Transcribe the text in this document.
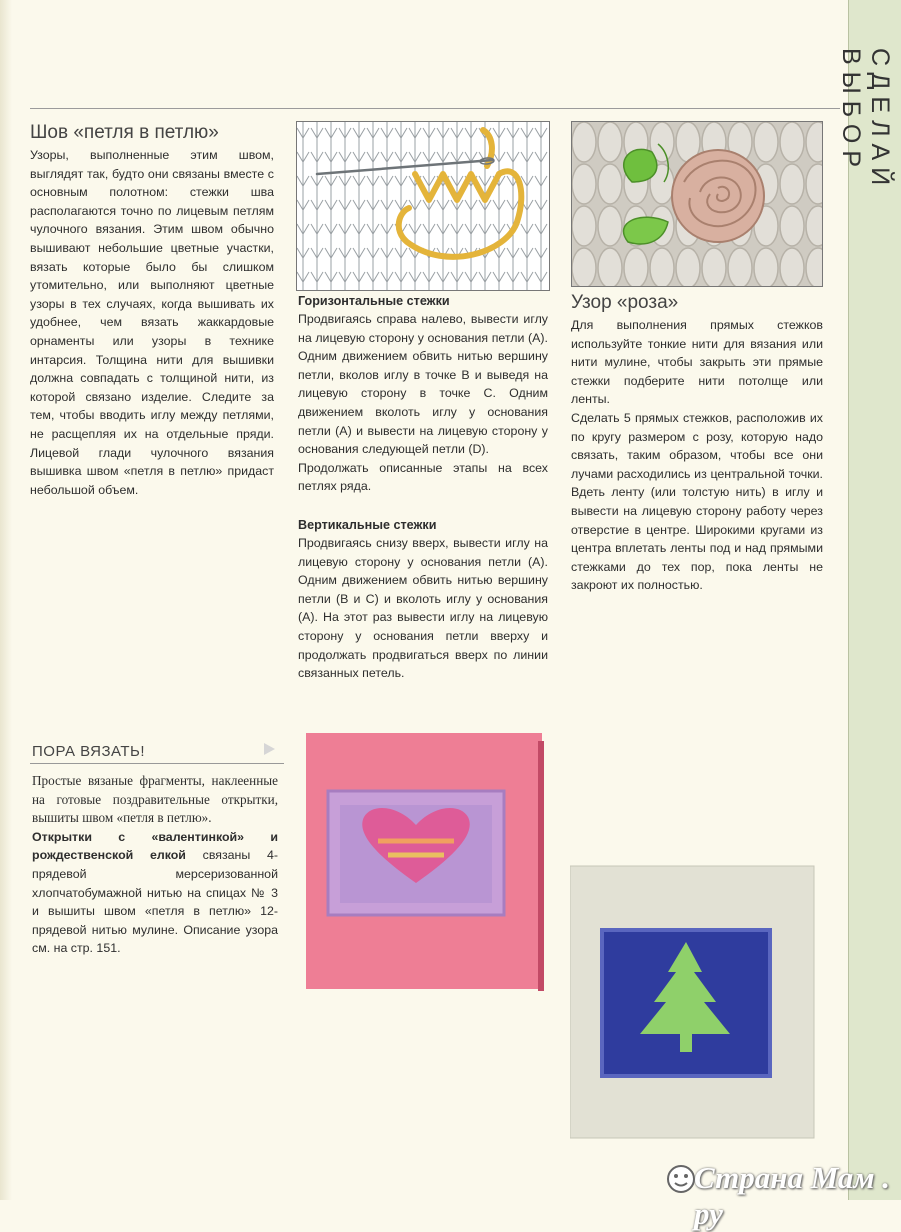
СДЕЛАЙ ВЫБОР
Шов «петля в петлю»

Узоры, выполненные этим швом, выглядят так, будто они связаны вместе с основным полотном: стежки шва располагаются точно по лицевым петлям чулочного вязания. Этим швом обычно вышивают небольшие цветные участки, вязать которые было бы слишком утомительно, или выполняют цветные узоры в тех случаях, когда вышивать их удобнее, чем вязать жаккардовые орнаменты или узоры в технике интарсия. Толщина нити для вышивки должна совпадать с толщиной нити, из которой связано изделие. Следите за тем, чтобы вводить иглу между петлями, не расщепляя их на отдельные пряди. Лицевой глади чулочного вязания вышивка швом «петля в петлю» придаст небольшой объем.

Горизонтальные стежки

Продвигаясь справа налево, вывести иглу на лицевую сторону у основания петли (A). Одним движением обвить нитью вершину петли, вколов иглу в точке B и выведя на лицевую сторону в точке C. Одним движением вколоть иглу у основания петли (A) и вывести на лицевую сторону у основания следующей петли (D).

Продолжать описанные этапы на всех петлях ряда.

Вертикальные стежки

Продвигаясь снизу вверх, вывести иглу на лицевую сторону у основания петли (A). Одним движением обвить нитью вершину петли (B и C) и вколоть иглу у основания (A). На этот раз вывести иглу на лицевую сторону у основания петли вверху и продолжать продвигаться вверх по линии связанных петель.

Узор «роза»

Для выполнения прямых стежков используйте тонкие нити для вязания или нити мулине, чтобы закрыть эти прямые стежки подберите нити потолще или ленты.

Сделать 5 прямых стежков, расположив их по кругу размером с розу, которую надо связать, таким образом, чтобы все они лучами расходились из центральной точки. Вдеть ленту (или толстую нить) в иглу и вывести на лицевую сторону работу через отверстие в центре. Широкими кругами из центра вплетать ленты под и над прямыми стежками до тех пор, пока ленты не закроют их полностью.

ПОРА ВЯЗАТЬ!

Простые вязаные фрагменты, наклеенные на готовые поздравительные открытки, вышиты швом «петля в петлю».

Открытки с «валентинкой» и рождественской елкой связаны 4-прядевой мерсеризованной хлопчатобумажной нитью на спицах № 3 и вышиты швом «петля в петлю» 12-прядевой нитью мулине. Описание узора см. на стр. 151.

Страна Мам . ру
